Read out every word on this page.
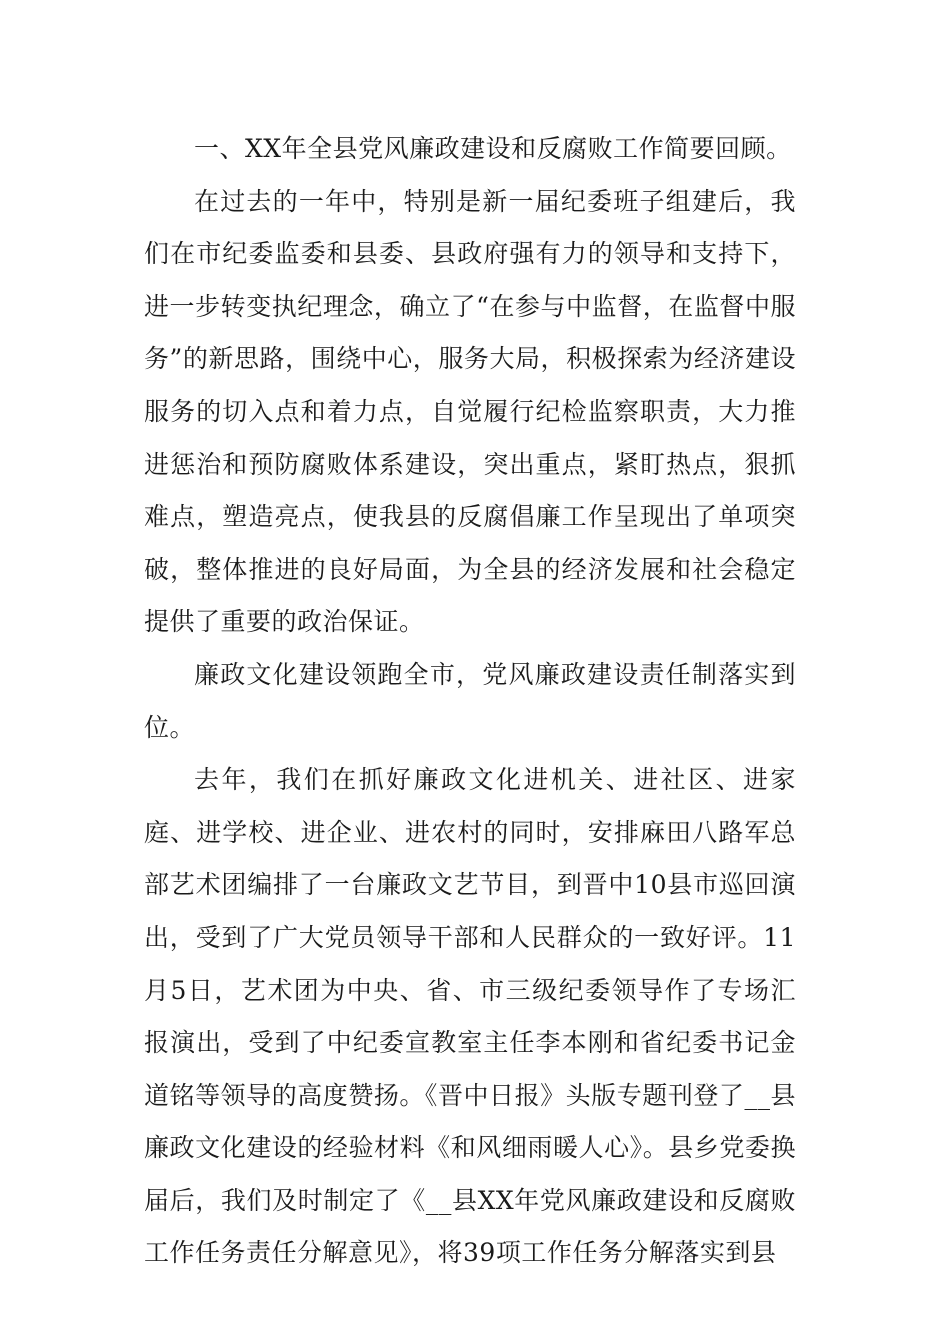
一、XX年全县党风廉政建设和反腐败工作简要回顾。

在过去的一年中，特别是新一届纪委班子组建后，我们在市纪委监委和县委、县政府强有力的领导和支持下，进一步转变执纪理念，确立了“在参与中监督，在监督中服务”的新思路，围绕中心，服务大局，积极探索为经济建设服务的切入点和着力点，自觉履行纪检监察职责，大力推进惩治和预防腐败体系建设，突出重点，紧盯热点，狠抓难点，塑造亮点，使我县的反腐倡廉工作呈现出了单项突破，整体推进的良好局面，为全县的经济发展和社会稳定提供了重要的政治保证。

廉政文化建设领跑全市，党风廉政建设责任制落实到位。

去年，我们在抓好廉政文化进机关、进社区、进家庭、进学校、进企业、进农村的同时，安排麻田八路军总部艺术团编排了一台廉政文艺节目，到晋中10县市巡回演出，受到了广大党员领导干部和人民群众的一致好评。11月5日，艺术团为中央、省、市三级纪委领导作了专场汇报演出，受到了中纪委宣教室主任李本刚和省纪委书记金道铭等领导的高度赞扬。《晋中日报》头版专题刊登了__县廉政文化建设的经验材料《和风细雨暖人心》。县乡党委换届后，我们及时制定了《__县XX年党风廉政建设和反腐败工作任务责任分解意见》，将39项工作任务分解落实到县
